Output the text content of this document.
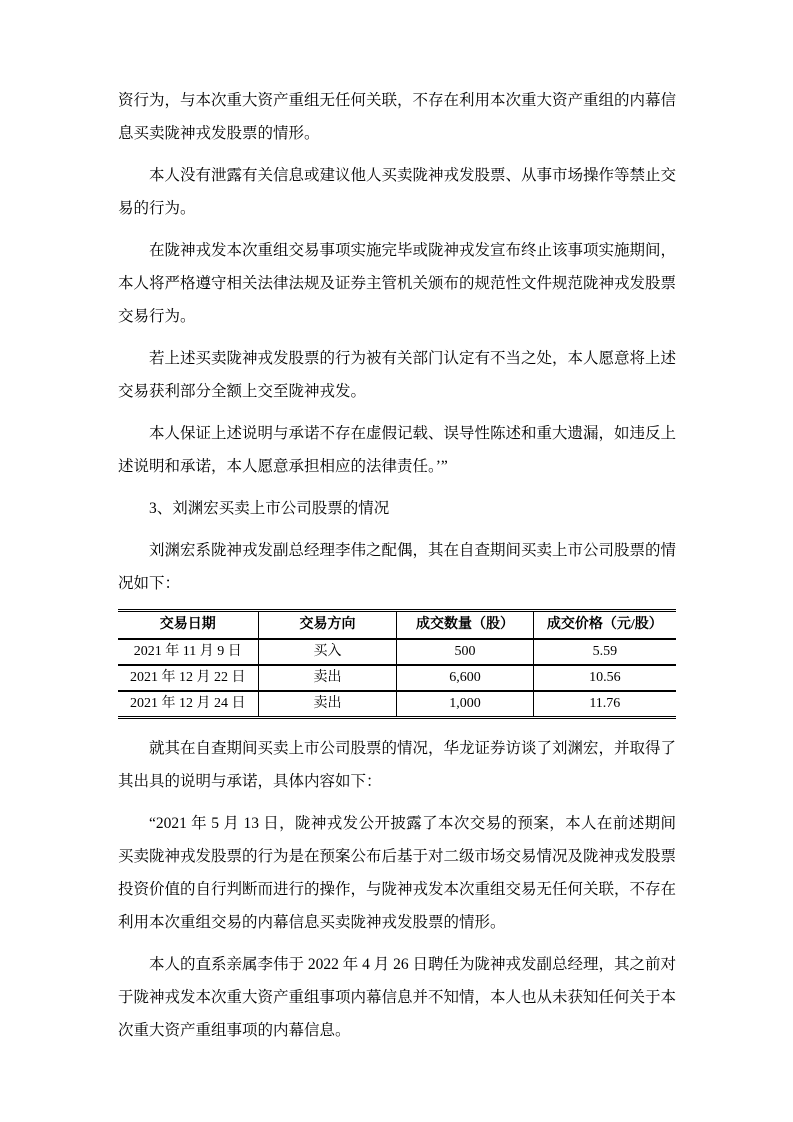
资行为，与本次重大资产重组无任何关联，不存在利用本次重大资产重组的内幕信息买卖陇神戎发股票的情形。

本人没有泄露有关信息或建议他人买卖陇神戎发股票、从事市场操作等禁止交易的行为。

在陇神戎发本次重组交易事项实施完毕或陇神戎发宣布终止该事项实施期间，本人将严格遵守相关法律法规及证券主管机关颁布的规范性文件规范陇神戎发股票交易行为。

若上述买卖陇神戎发股票的行为被有关部门认定有不当之处，本人愿意将上述交易获利部分全额上交至陇神戎发。

本人保证上述说明与承诺不存在虚假记载、误导性陈述和重大遗漏，如违反上述说明和承诺，本人愿意承担相应的法律责任。’”

3、刘渊宏买卖上市公司股票的情况

刘渊宏系陇神戎发副总经理李伟之配偶，其在自查期间买卖上市公司股票的情况如下：

交易日期	交易方向	成交数量（股）	成交价格（元/股）
2021 年 11 月 9 日	买入	500	5.59
2021 年 12 月 22 日	卖出	6,600	10.56
2021 年 12 月 24 日	卖出	1,000	11.76

就其在自查期间买卖上市公司股票的情况，华龙证券访谈了刘渊宏，并取得了其出具的说明与承诺，具体内容如下：

“2021 年 5 月 13 日，陇神戎发公开披露了本次交易的预案，本人在前述期间买卖陇神戎发股票的行为是在预案公布后基于对二级市场交易情况及陇神戎发股票投资价值的自行判断而进行的操作，与陇神戎发本次重组交易无任何关联，不存在利用本次重组交易的内幕信息买卖陇神戎发股票的情形。

本人的直系亲属李伟于 2022 年 4 月 26 日聘任为陇神戎发副总经理，其之前对于陇神戎发本次重大资产重组事项内幕信息并不知情，本人也从未获知任何关于本次重大资产重组事项的内幕信息。
